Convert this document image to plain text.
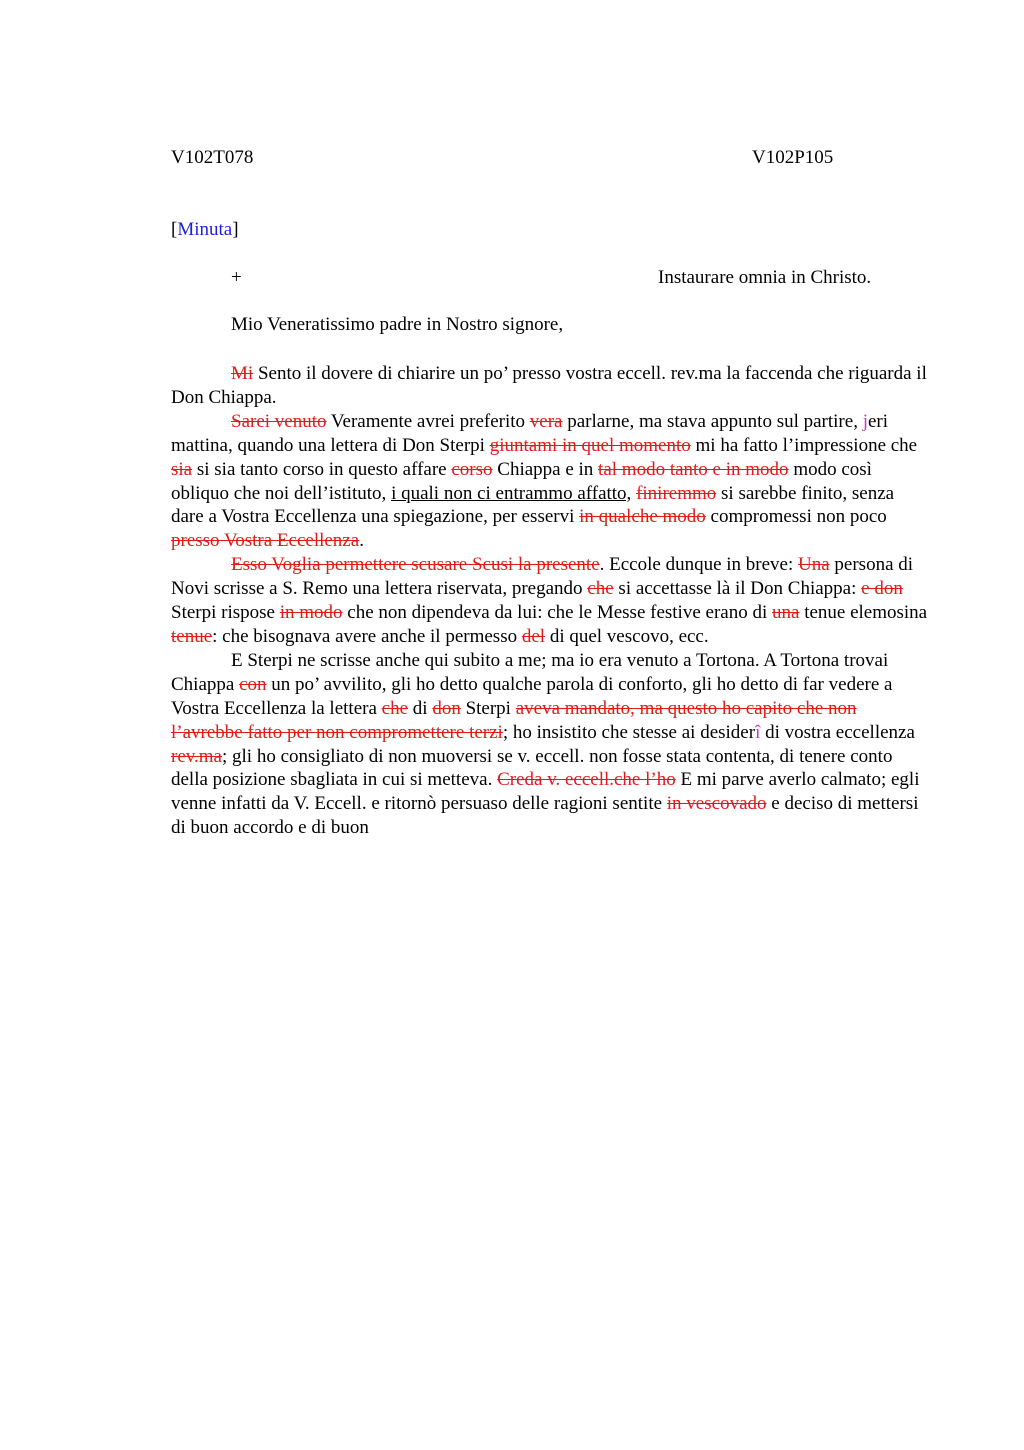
V102T078	V102P105
[Minuta]
+	Instaurare omnia in Christo.
Mio Veneratissimo padre in Nostro signore,

Mi Sento il dovere di chiarire un po’ presso vostra eccell. rev.ma la faccenda che riguarda il Don Chiappa.

Sarei venuto Veramente avrei preferito vera parlarne, ma stava appunto sul partire, jeri mattina, quando una lettera di Don Sterpi giuntami in quel momento mi ha fatto l’impressione che sia si sia tanto corso in questo affare corso Chiappa e in tal modo tanto e in modo modo così obliquo che noi dell’istituto, i quali non ci entrammo affatto, finiremmo si sarebbe finito, senza dare a Vostra Eccellenza una spiegazione, per esservi in qualche modo compromessi non poco presso Vostra Eccellenza.

Esso Voglia permettere scusare Scusi la presente. Eccole dunque in breve: Una persona di Novi scrisse a S. Remo una lettera riservata, pregando che si accettasse là il Don Chiappa: e don Sterpi rispose in modo che non dipendeva da lui: che le Messe festive erano di una tenue elemosina tenue: che bisognava avere anche il permesso del di quel vescovo, ecc.

E Sterpi ne scrisse anche qui subito a me; ma io era venuto a Tortona. A Tortona trovai Chiappa con un po’ avvilito, gli ho detto qualche parola di conforto, gli ho detto di far vedere a Vostra Eccellenza la lettera che di don Sterpi aveva mandato, ma questo ho capito che non l’avrebbe fatto per non compromettere terzi; ho insistito che stesse ai desiderî di vostra eccellenza rev.ma; gli ho consigliato di non muoversi se v. eccell. non fosse stata contenta, di tenere conto della posizione sbagliata in cui si metteva. Creda v. eccell.che l’ho E mi parve averlo calmato; egli venne infatti da V. Eccell. e ritornò persuaso delle ragioni sentite in vescovado e deciso di mettersi di buon accordo e di buon
